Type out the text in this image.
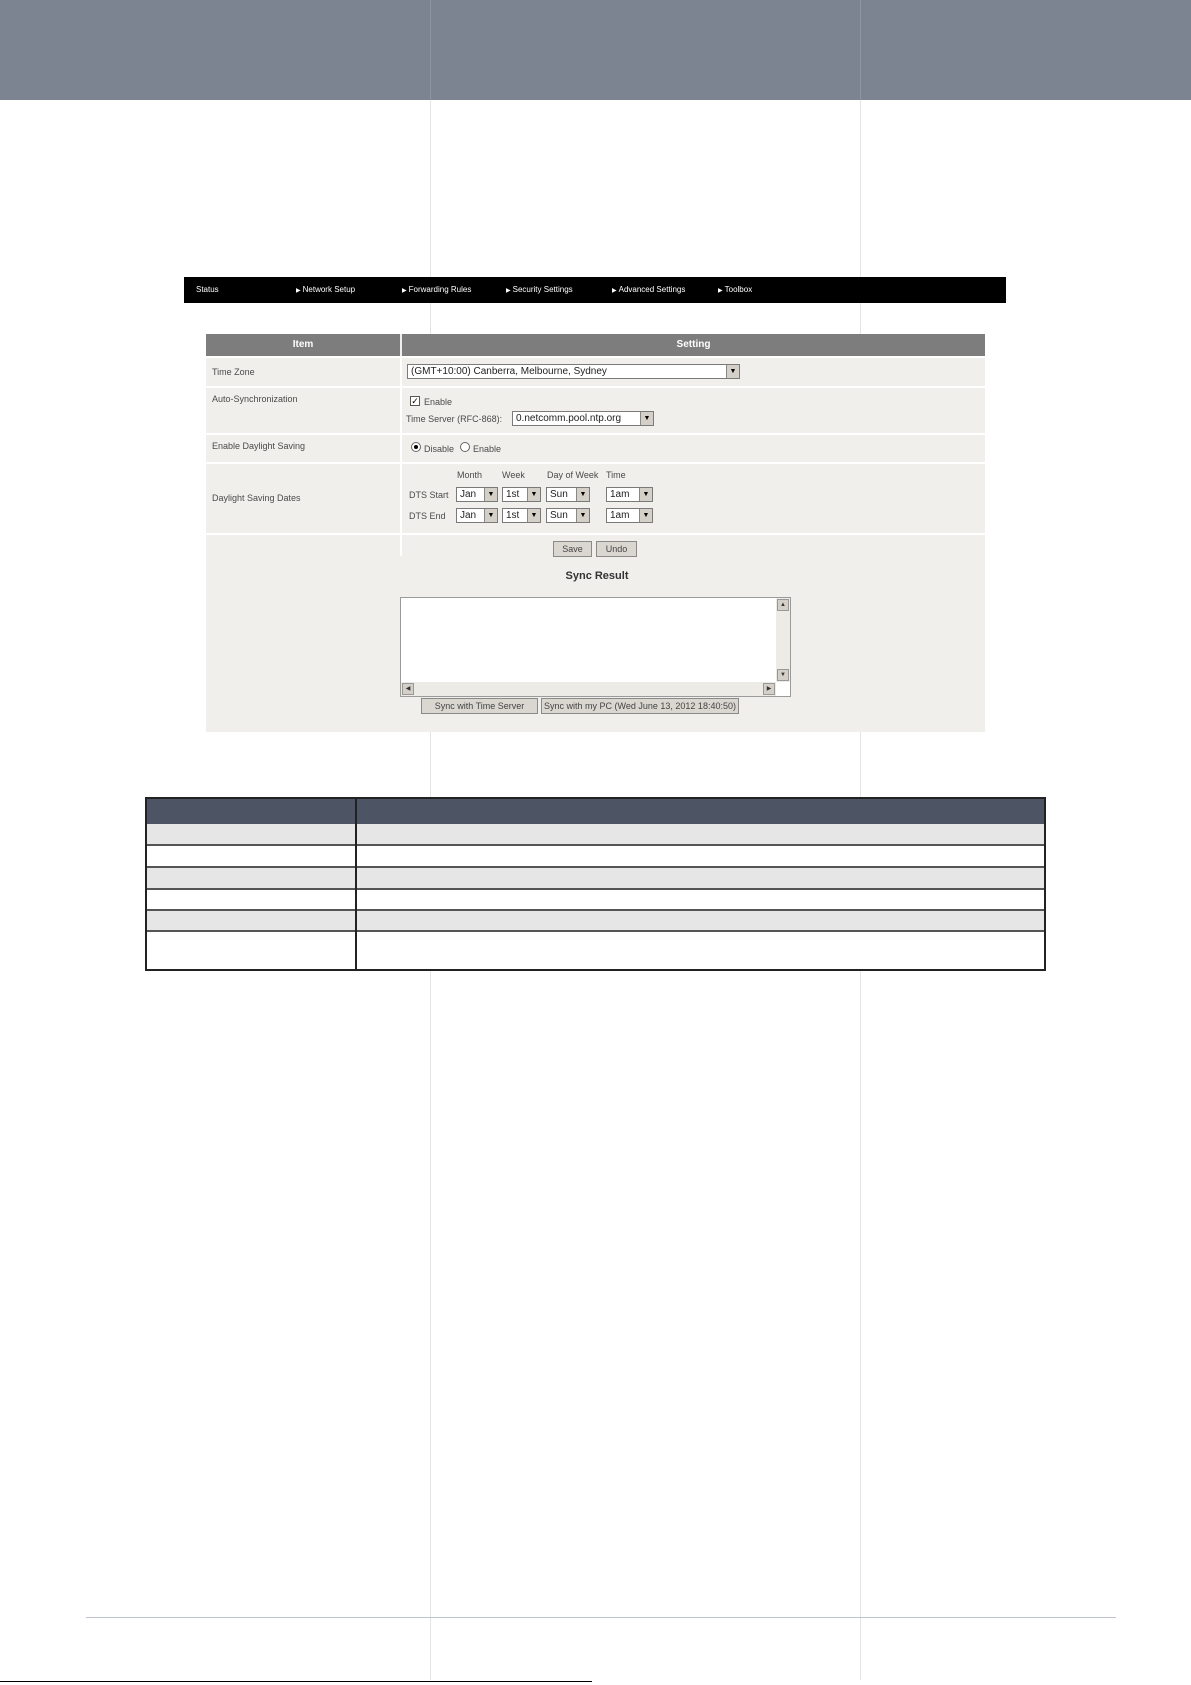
Status	▶ Network Setup	▶ Forwarding Rules	▶ Security Settings	▶ Advanced Settings	▶ Toolbox
Item	Setting
Time Zone	(GMT+10:00) Canberra, Melbourne, Sydney	▼
Auto-Synchronization	✓ Enable
Time Server (RFC-868):	0.netcomm.pool.ntp.org	▼
Enable Daylight Saving	Disable Enable
Daylight Saving Dates
Month Week Day of Week Time
DTS Start	Jan	▼	1st	▼	Sun	▼	1am	▼
DTS End	Jan	▼	1st	▼	Sun	▼	1am	▼
Save	Undo
Sync Result
Sync with Time Server	Sync with my PC (Wed June 13, 2012 18:40:50)
▲
▼
◀	▶
